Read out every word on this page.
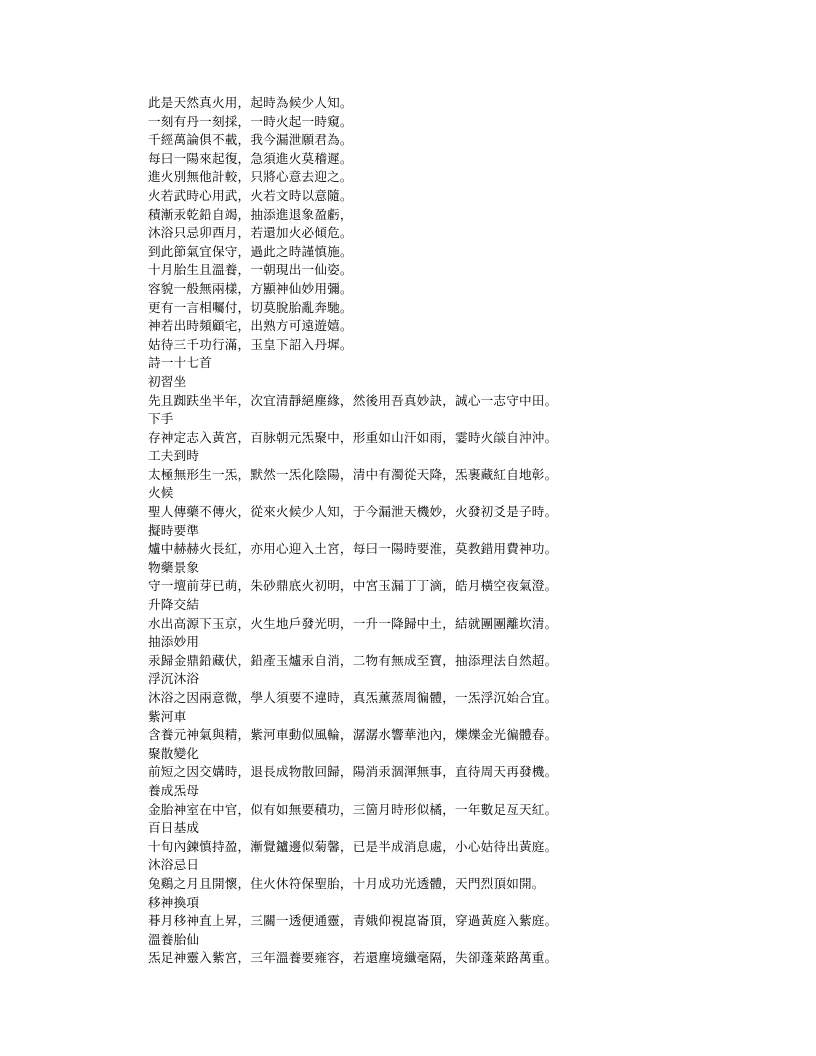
此是天然真火用，起時為候少人知。
一刻有丹一刻採，一時火起一時窺。
千經萬論俱不載，我今漏泄願君為。
每曰一陽來起復，急須進火莫稽遲。
進火別無他計較，只將心意去迎之。
火若武時心用武，火若文時以意隨。
積漸汞乾鉛自竭，抽添進退象盈虧，
沐浴只忌卯酉月，若還加火必傾危。
到此節氣宜保守，過此之時謹慎施。
十月胎生且溫養，一朝現出一仙姿。
容貌一般無兩樣，方顯神仙妙用彌。
更有一言相囑付，切莫脫胎亂奔馳。
神若出時頻顧宅，出熟方可遠遊嬉。
姑待三千功行滿，玉皇下詔入丹墀。
詩一十七首
初習坐
先且踟趺坐半年，次宜清靜絕塵緣，然後用吾真妙訣，誠心一志守中田。
下手
存神定志入黃宮，百脉朝元炁聚中，形重如山汗如雨，霎時火燄自沖沖。
工夫到時
太極無形生一炁，默然一炁化陰陽，清中有濁從天降，炁裹藏紅自地彰。
火候
聖人傳藥不傳火，從來火候少人知，于今漏泄天機妙，火發初爻是子時。
擬時要準
爐中赫赫火長紅，亦用心迎入土宮，每曰一陽時要淮，莫教錯用費神功。
物藥景象
守一壇前芽已萌，朱砂鼎底火初明，中宮玉漏丁丁滴，皓月橫空夜氣澄。
升降交結
水出高源下玉京，火生地戶發光明，一升一降歸中土，結就團團離坎清。
抽添妙用
汞歸金鼎鉛藏伏，鉛產玉爐汞自消，二物有無成至寶，抽添理法自然超。
浮沉沐浴
沐浴之因兩意微，學人須要不違時，真炁薰蒸周徧體，一炁浮沉始合宜。
紫河車
含養元神氣與精，紫河車動似風輪，潺潺水響華池內，爍爍金光徧體春。
聚散變化
前短之因交媾時，退長成物散回歸，陽消汞涸渾無事，直待周天再發機。
養成炁母
金胎神室在中官，似有如無要積功，三箇月時形似橘，一年數足亙天紅。
百日基成
十旬內鍊慎持盈，漸覺鑪邊似菊馨，已是半成消息處，小心姑待出黃庭。
沐浴忌日
兔鷄之月且開懷，住火休符保聖胎，十月成功光透體，天門烈頂如開。
移神換項
朞月移神直上昇，三關一透便通靈，青娥仰視崑崙頂，穿過黃庭入紫庭。
溫養胎仙
炁足神靈入紫宮，三年溫養要雍容，若還塵境纖毫隔，失卻蓬萊路萬重。
